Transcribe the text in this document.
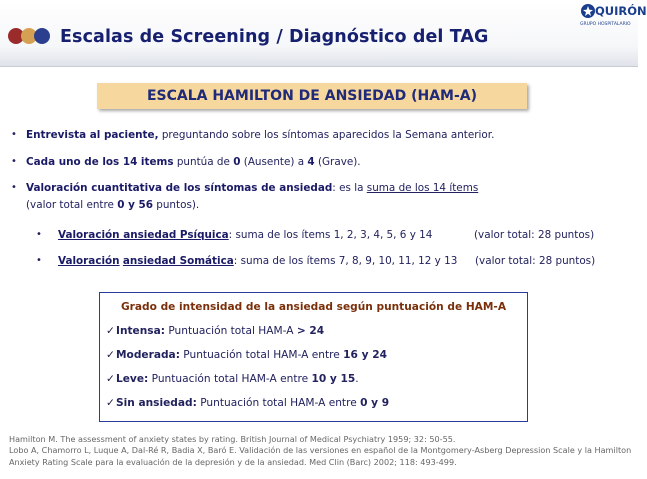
Escalas de Screening / Diagnóstico del TAG
QUIRÓN
GRUPO HOSPITALARIO
ESCALA HAMILTON DE ANSIEDAD (HAM-A)
• Entrevista al paciente, preguntando sobre los síntomas aparecidos la Semana anterior.
• Cada uno de los 14 items puntúa de 0 (Ausente) a 4 (Grave).
• Valoración cuantitativa de los síntomas de ansiedad: es la suma de los 14 ítems
(valor total entre 0 y 56 puntos).
• Valoración ansiedad Psíquica: suma de los ítems 1, 2, 3, 4, 5, 6 y 14	(valor total: 28 puntos)
• Valoración ansiedad Somática: suma de los ítems 7, 8, 9, 10, 11, 12 y 13 (valor total: 28 puntos)
Grado de intensidad de la ansiedad según puntuación de HAM-A
✓Intensa: Puntuación total HAM-A > 24
✓Moderada: Puntuación total HAM-A entre 16 y 24
✓Leve: Puntuación total HAM-A entre 10 y 15.
✓Sin ansiedad: Puntuación total HAM-A entre 0 y 9
Hamilton M. The assessment of anxiety states by rating. British Journal of Medical Psychiatry 1959; 32: 50-55.
Lobo A, Chamorro L, Luque A, Dal-Ré R, Badia X, Baró E. Validación de las versiones en español de la Montgomery-Asberg Depression Scale y la Hamilton
Anxiety Rating Scale para la evaluación de la depresión y de la ansiedad. Med Clin (Barc) 2002; 118: 493-499.
